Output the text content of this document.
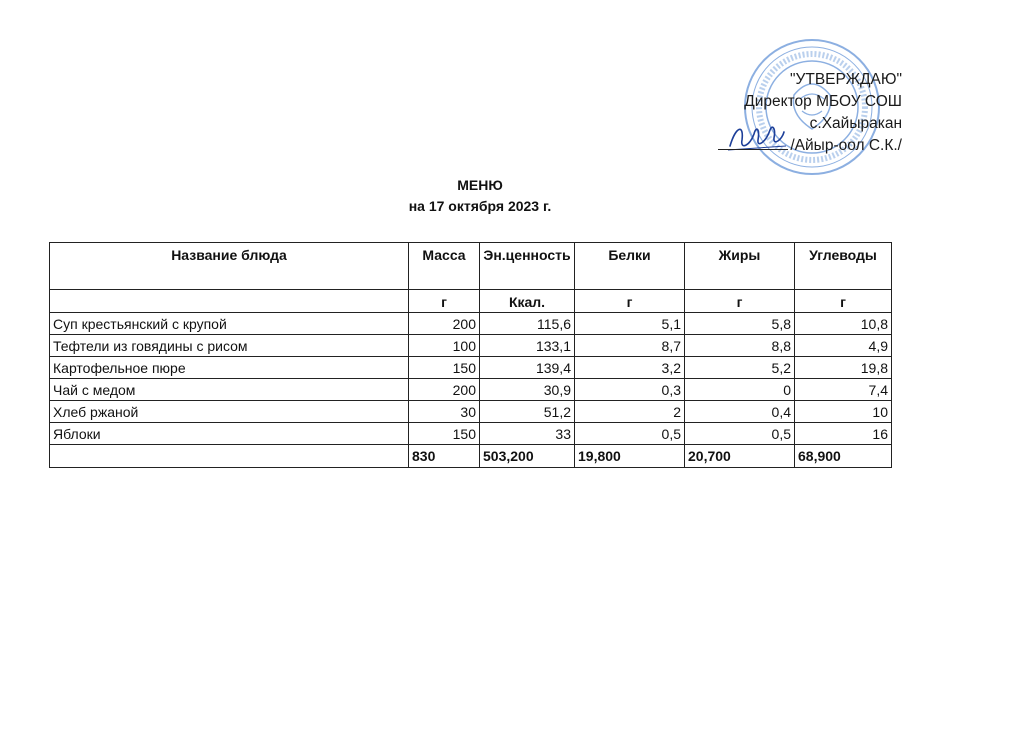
"УТВЕРЖДАЮ"
Директор МБОУ СОШ
с.Хайыракан
/Айыр-оол С.К./
МЕНЮ
на 17 октября 2023 г.
Название блюда	Масса	Эн.ценность	Белки	Жиры	Углеводы
	г	Ккал.	г	г	г
Суп крестьянский с крупой	200	115,6	5,1	5,8	10,8
Тефтели из говядины с рисом	100	133,1	8,7	8,8	4,9
Картофельное пюре	150	139,4	3,2	5,2	19,8
Чай с медом	200	30,9	0,3	0	7,4
Хлеб ржаной	30	51,2	2	0,4	10
Яблоки	150	33	0,5	0,5	16
	830	503,200	19,800	20,700	68,900
